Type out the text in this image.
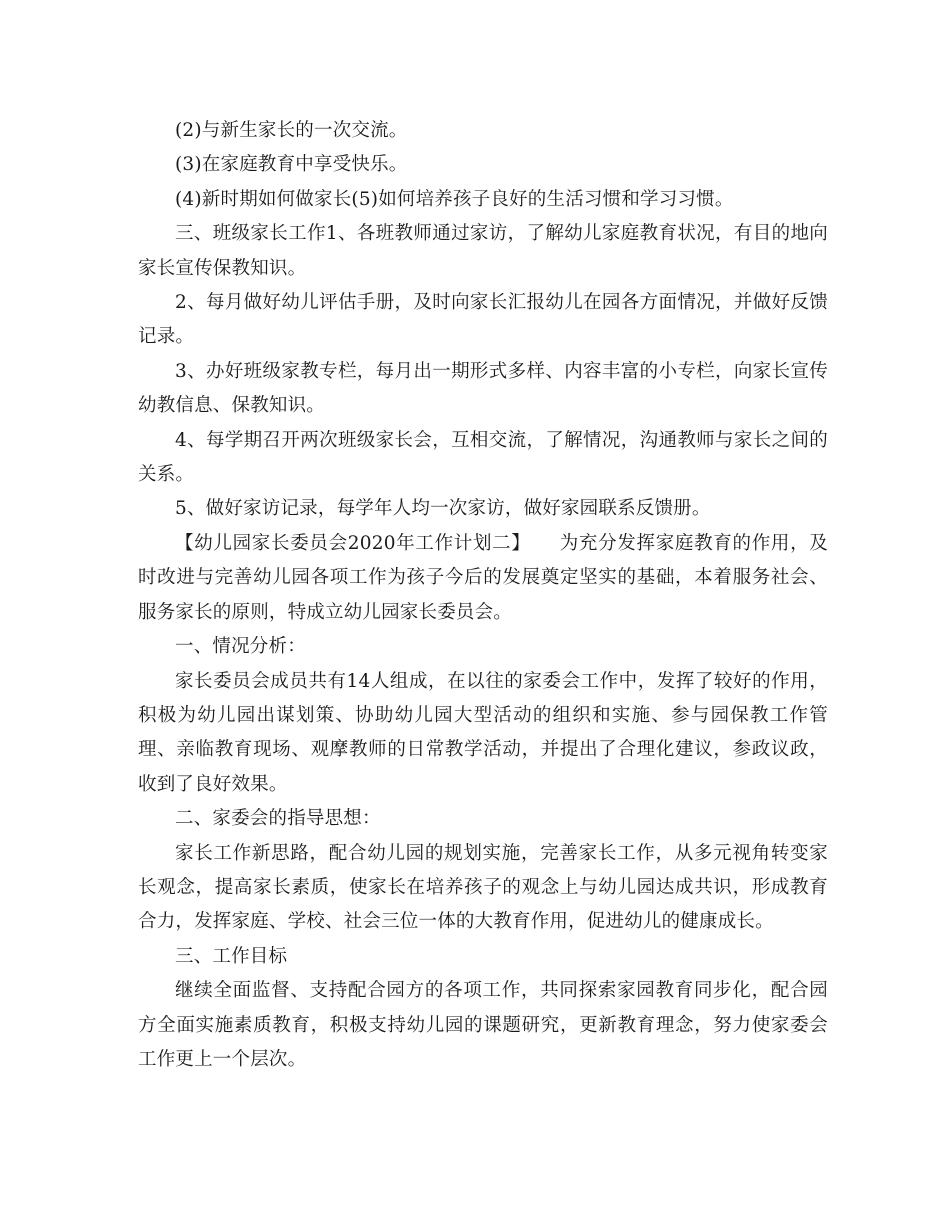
(2)与新生家长的一次交流。

(3)在家庭教育中享受快乐。

(4)新时期如何做家长(5)如何培养孩子良好的生活习惯和学习习惯。

三、班级家长工作1、各班教师通过家访，了解幼儿家庭教育状况，有目的地向家长宣传保教知识。

2、每月做好幼儿评估手册，及时向家长汇报幼儿在园各方面情况，并做好反馈记录。

3、办好班级家教专栏，每月出一期形式多样、内容丰富的小专栏，向家长宣传幼教信息、保教知识。

4、每学期召开两次班级家长会，互相交流，了解情况，沟通教师与家长之间的关系。

5、做好家访记录，每学年人均一次家访，做好家园联系反馈册。

【幼儿园家长委员会2020年工作计划二】　　为充分发挥家庭教育的作用，及时改进与完善幼儿园各项工作为孩子今后的发展奠定坚实的基础，本着服务社会、服务家长的原则，特成立幼儿园家长委员会。

一、情况分析：

家长委员会成员共有14人组成，在以往的家委会工作中，发挥了较好的作用，积极为幼儿园出谋划策、协助幼儿园大型活动的组织和实施、参与园保教工作管理、亲临教育现场、观摩教师的日常教学活动，并提出了合理化建议，参政议政，收到了良好效果。

二、家委会的指导思想：

家长工作新思路，配合幼儿园的规划实施，完善家长工作，从多元视角转变家长观念，提高家长素质，使家长在培养孩子的观念上与幼儿园达成共识，形成教育合力，发挥家庭、学校、社会三位一体的大教育作用，促进幼儿的健康成长。

三、工作目标

继续全面监督、支持配合园方的各项工作，共同探索家园教育同步化，配合园方全面实施素质教育，积极支持幼儿园的课题研究，更新教育理念，努力使家委会工作更上一个层次。
